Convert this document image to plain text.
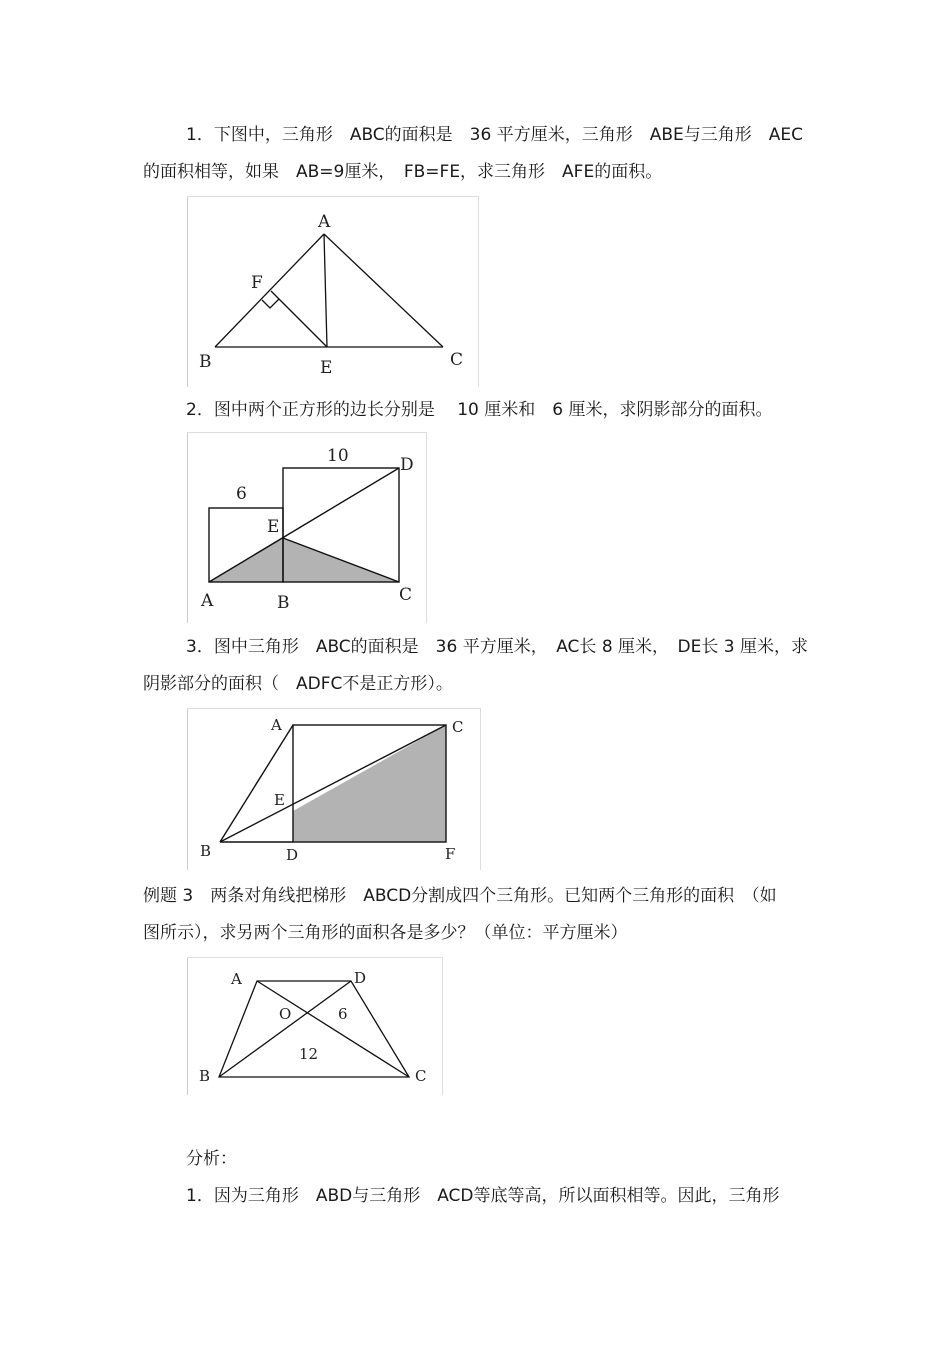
1．下图中，三角形　ABC的面积是　36 平方厘米，三角形　ABE与三角形　AEC
的面积相等，如果　AB=9厘米，　FB=FE，求三角形　AFE的面积。
A
F
B	E	C
2．图中两个正方形的边长分别是　 10 厘米和　6 厘米，求阴影部分的面积。
10
6
D
E
A	B	C
3．图中三角形　ABC的面积是　36 平方厘米，　AC长 8 厘米，　DE长 3 厘米，求
阴影部分的面积（　ADFC不是正方形）。
A	C
E
B	D	F
例题 3　两条对角线把梯形　ABCD分割成四个三角形。已知两个三角形的面积　（如
图所示），求另两个三角形的面积各是多少？（单位：平方厘米）
A	D
O	6
12
B	C
分析：
1．因为三角形　ABD与三角形　ACD等底等高，所以面积相等。因此，三角形
